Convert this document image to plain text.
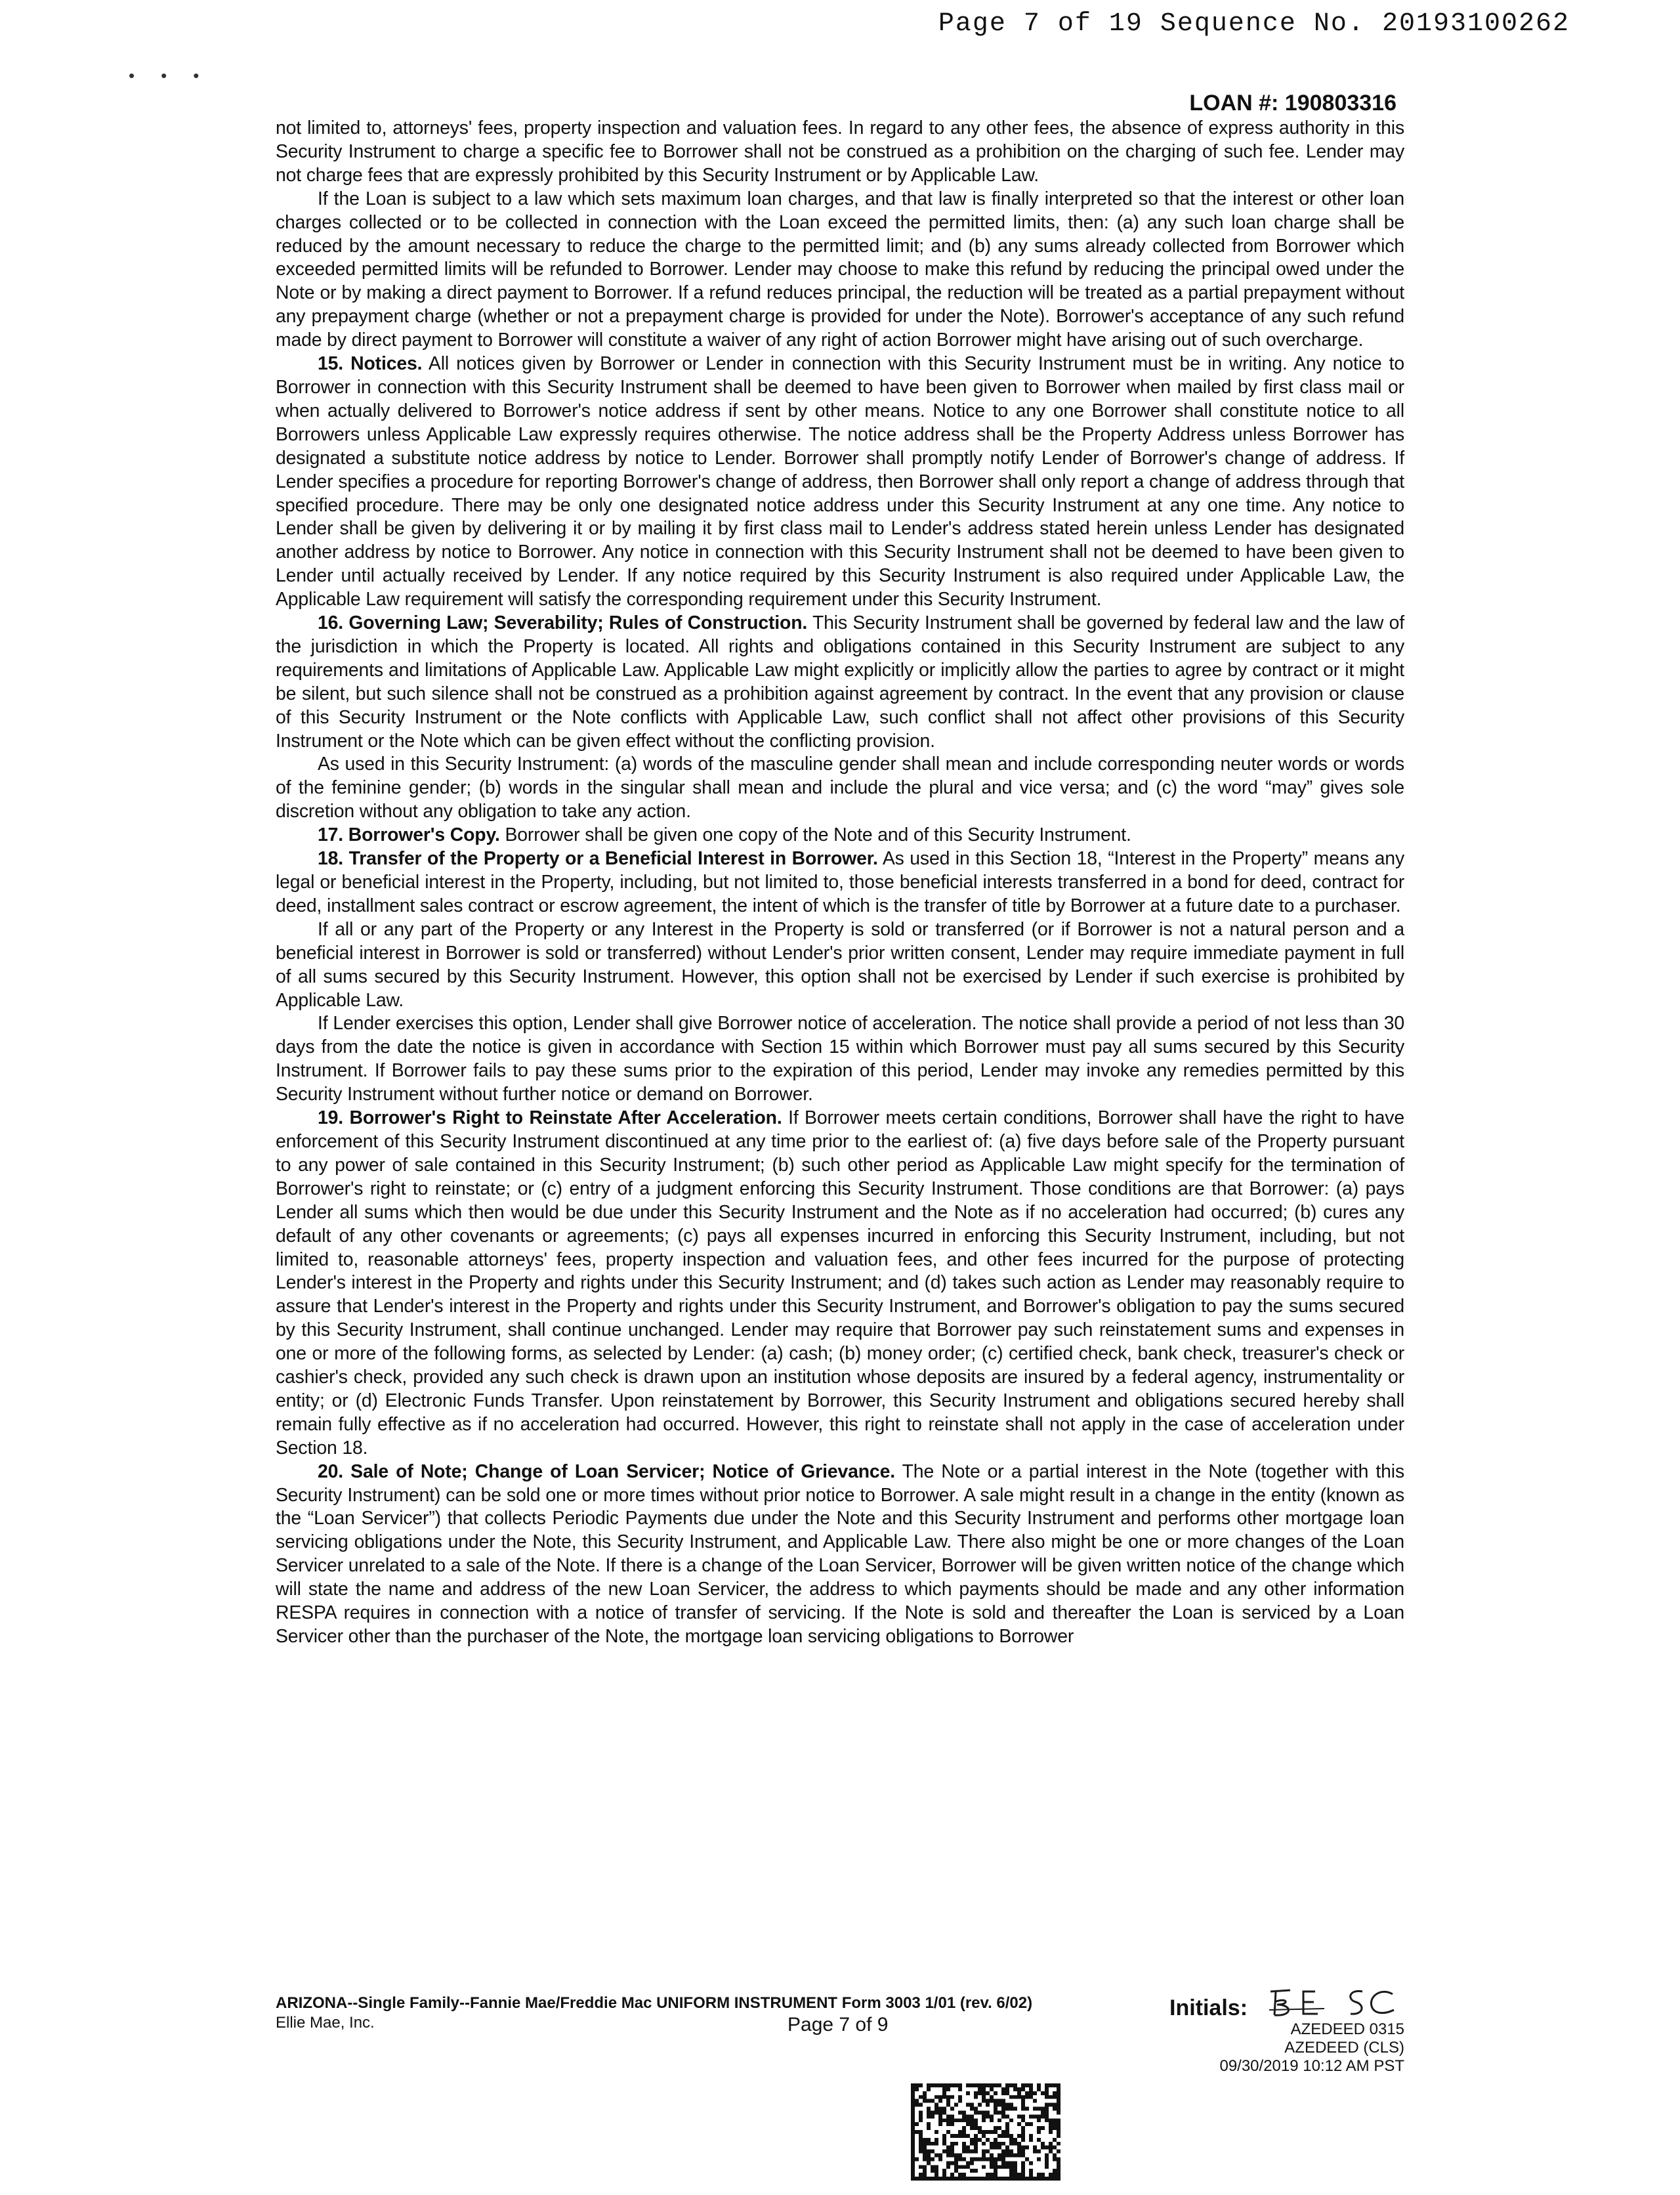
Page 7 of 19 Sequence No. 20193100262
•••
LOAN #: 190803316

not limited to, attorneys' fees, property inspection and valuation fees. In regard to any other fees, the absence of express authority in this Security Instrument to charge a specific fee to Borrower shall not be construed as a prohibition on the charging of such fee. Lender may not charge fees that are expressly prohibited by this Security Instrument or by Applicable Law.

If the Loan is subject to a law which sets maximum loan charges, and that law is finally interpreted so that the interest or other loan charges collected or to be collected in connection with the Loan exceed the permitted limits, then: (a) any such loan charge shall be reduced by the amount necessary to reduce the charge to the permitted limit; and (b) any sums already collected from Borrower which exceeded permitted limits will be refunded to Borrower. Lender may choose to make this refund by reducing the principal owed under the Note or by making a direct payment to Borrower. If a refund reduces principal, the reduction will be treated as a partial prepayment without any prepayment charge (whether or not a prepayment charge is provided for under the Note). Borrower's acceptance of any such refund made by direct payment to Borrower will constitute a waiver of any right of action Borrower might have arising out of such overcharge.

15. Notices. All notices given by Borrower or Lender in connection with this Security Instrument must be in writing. Any notice to Borrower in connection with this Security Instrument shall be deemed to have been given to Borrower when mailed by first class mail or when actually delivered to Borrower's notice address if sent by other means. Notice to any one Borrower shall constitute notice to all Borrowers unless Applicable Law expressly requires otherwise. The notice address shall be the Property Address unless Borrower has designated a substitute notice address by notice to Lender. Borrower shall promptly notify Lender of Borrower's change of address. If Lender specifies a procedure for reporting Borrower's change of address, then Borrower shall only report a change of address through that specified procedure. There may be only one designated notice address under this Security Instrument at any one time. Any notice to Lender shall be given by delivering it or by mailing it by first class mail to Lender's address stated herein unless Lender has designated another address by notice to Borrower. Any notice in connection with this Security Instrument shall not be deemed to have been given to Lender until actually received by Lender. If any notice required by this Security Instrument is also required under Applicable Law, the Applicable Law requirement will satisfy the corresponding requirement under this Security Instrument.

16. Governing Law; Severability; Rules of Construction. This Security Instrument shall be governed by federal law and the law of the jurisdiction in which the Property is located. All rights and obligations contained in this Security Instrument are subject to any requirements and limitations of Applicable Law. Applicable Law might explicitly or implicitly allow the parties to agree by contract or it might be silent, but such silence shall not be construed as a prohibition against agreement by contract. In the event that any provision or clause of this Security Instrument or the Note conflicts with Applicable Law, such conflict shall not affect other provisions of this Security Instrument or the Note which can be given effect without the conflicting provision.

As used in this Security Instrument: (a) words of the masculine gender shall mean and include corresponding neuter words or words of the feminine gender; (b) words in the singular shall mean and include the plural and vice versa; and (c) the word “may” gives sole discretion without any obligation to take any action.

17. Borrower's Copy. Borrower shall be given one copy of the Note and of this Security Instrument.

18. Transfer of the Property or a Beneficial Interest in Borrower. As used in this Section 18, “Interest in the Property” means any legal or beneficial interest in the Property, including, but not limited to, those beneficial interests transferred in a bond for deed, contract for deed, installment sales contract or escrow agreement, the intent of which is the transfer of title by Borrower at a future date to a purchaser.

If all or any part of the Property or any Interest in the Property is sold or transferred (or if Borrower is not a natural person and a beneficial interest in Borrower is sold or transferred) without Lender's prior written consent, Lender may require immediate payment in full of all sums secured by this Security Instrument. However, this option shall not be exercised by Lender if such exercise is prohibited by Applicable Law.

If Lender exercises this option, Lender shall give Borrower notice of acceleration. The notice shall provide a period of not less than 30 days from the date the notice is given in accordance with Section 15 within which Borrower must pay all sums secured by this Security Instrument. If Borrower fails to pay these sums prior to the expiration of this period, Lender may invoke any remedies permitted by this Security Instrument without further notice or demand on Borrower.

19. Borrower's Right to Reinstate After Acceleration. If Borrower meets certain conditions, Borrower shall have the right to have enforcement of this Security Instrument discontinued at any time prior to the earliest of: (a) five days before sale of the Property pursuant to any power of sale contained in this Security Instrument; (b) such other period as Applicable Law might specify for the termination of Borrower's right to reinstate; or (c) entry of a judgment enforcing this Security Instrument. Those conditions are that Borrower: (a) pays Lender all sums which then would be due under this Security Instrument and the Note as if no acceleration had occurred; (b) cures any default of any other covenants or agreements; (c) pays all expenses incurred in enforcing this Security Instrument, including, but not limited to, reasonable attorneys' fees, property inspection and valuation fees, and other fees incurred for the purpose of protecting Lender's interest in the Property and rights under this Security Instrument; and (d) takes such action as Lender may reasonably require to assure that Lender's interest in the Property and rights under this Security Instrument, and Borrower's obligation to pay the sums secured by this Security Instrument, shall continue unchanged. Lender may require that Borrower pay such reinstatement sums and expenses in one or more of the following forms, as selected by Lender: (a) cash; (b) money order; (c) certified check, bank check, treasurer's check or cashier's check, provided any such check is drawn upon an institution whose deposits are insured by a federal agency, instrumentality or entity; or (d) Electronic Funds Transfer. Upon reinstatement by Borrower, this Security Instrument and obligations secured hereby shall remain fully effective as if no acceleration had occurred. However, this right to reinstate shall not apply in the case of acceleration under Section 18.

20. Sale of Note; Change of Loan Servicer; Notice of Grievance. The Note or a partial interest in the Note (together with this Security Instrument) can be sold one or more times without prior notice to Borrower. A sale might result in a change in the entity (known as the “Loan Servicer”) that collects Periodic Payments due under the Note and this Security Instrument and performs other mortgage loan servicing obligations under the Note, this Security Instrument, and Applicable Law. There also might be one or more changes of the Loan Servicer unrelated to a sale of the Note. If there is a change of the Loan Servicer, Borrower will be given written notice of the change which will state the name and address of the new Loan Servicer, the address to which payments should be made and any other information RESPA requires in connection with a notice of transfer of servicing. If the Note is sold and thereafter the Loan is serviced by a Loan Servicer other than the purchaser of the Note, the mortgage loan servicing obligations to Borrower

ARIZONA--Single Family--Fannie Mae/Freddie Mac UNIFORM INSTRUMENT Form 3003 1/01 (rev. 6/02)
Ellie Mae, Inc.	Page 7 of 9
Initials:
AZEDEED 0315
AZEDEED (CLS)
09/30/2019 10:12 AM PST
